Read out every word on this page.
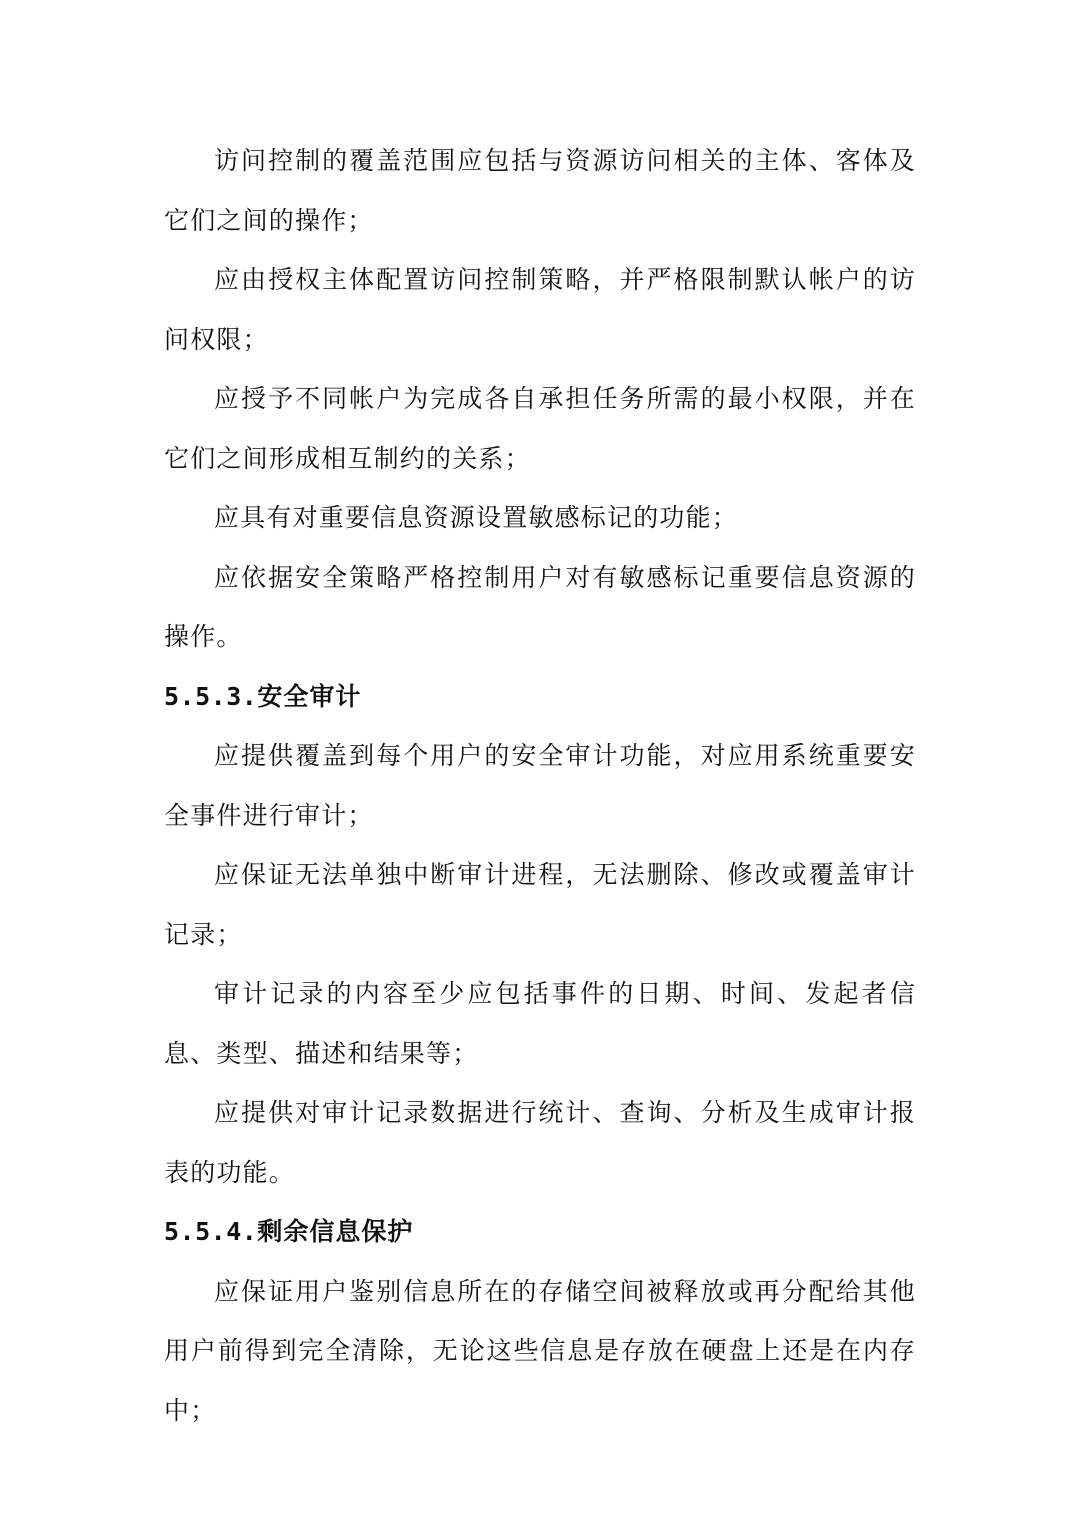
访问控制的覆盖范围应包括与资源访问相关的主体、客体及它们之间的操作；

应由授权主体配置访问控制策略，并严格限制默认帐户的访问权限；

应授予不同帐户为完成各自承担任务所需的最小权限，并在它们之间形成相互制约的关系；

应具有对重要信息资源设置敏感标记的功能；

应依据安全策略严格控制用户对有敏感标记重要信息资源的操作。

5.5.3.安全审计

应提供覆盖到每个用户的安全审计功能，对应用系统重要安全事件进行审计；

应保证无法单独中断审计进程，无法删除、修改或覆盖审计记录；

审计记录的内容至少应包括事件的日期、时间、发起者信息、类型、描述和结果等；

应提供对审计记录数据进行统计、查询、分析及生成审计报表的功能。

5.5.4.剩余信息保护

应保证用户鉴别信息所在的存储空间被释放或再分配给其他用户前得到完全清除，无论这些信息是存放在硬盘上还是在内存中；
